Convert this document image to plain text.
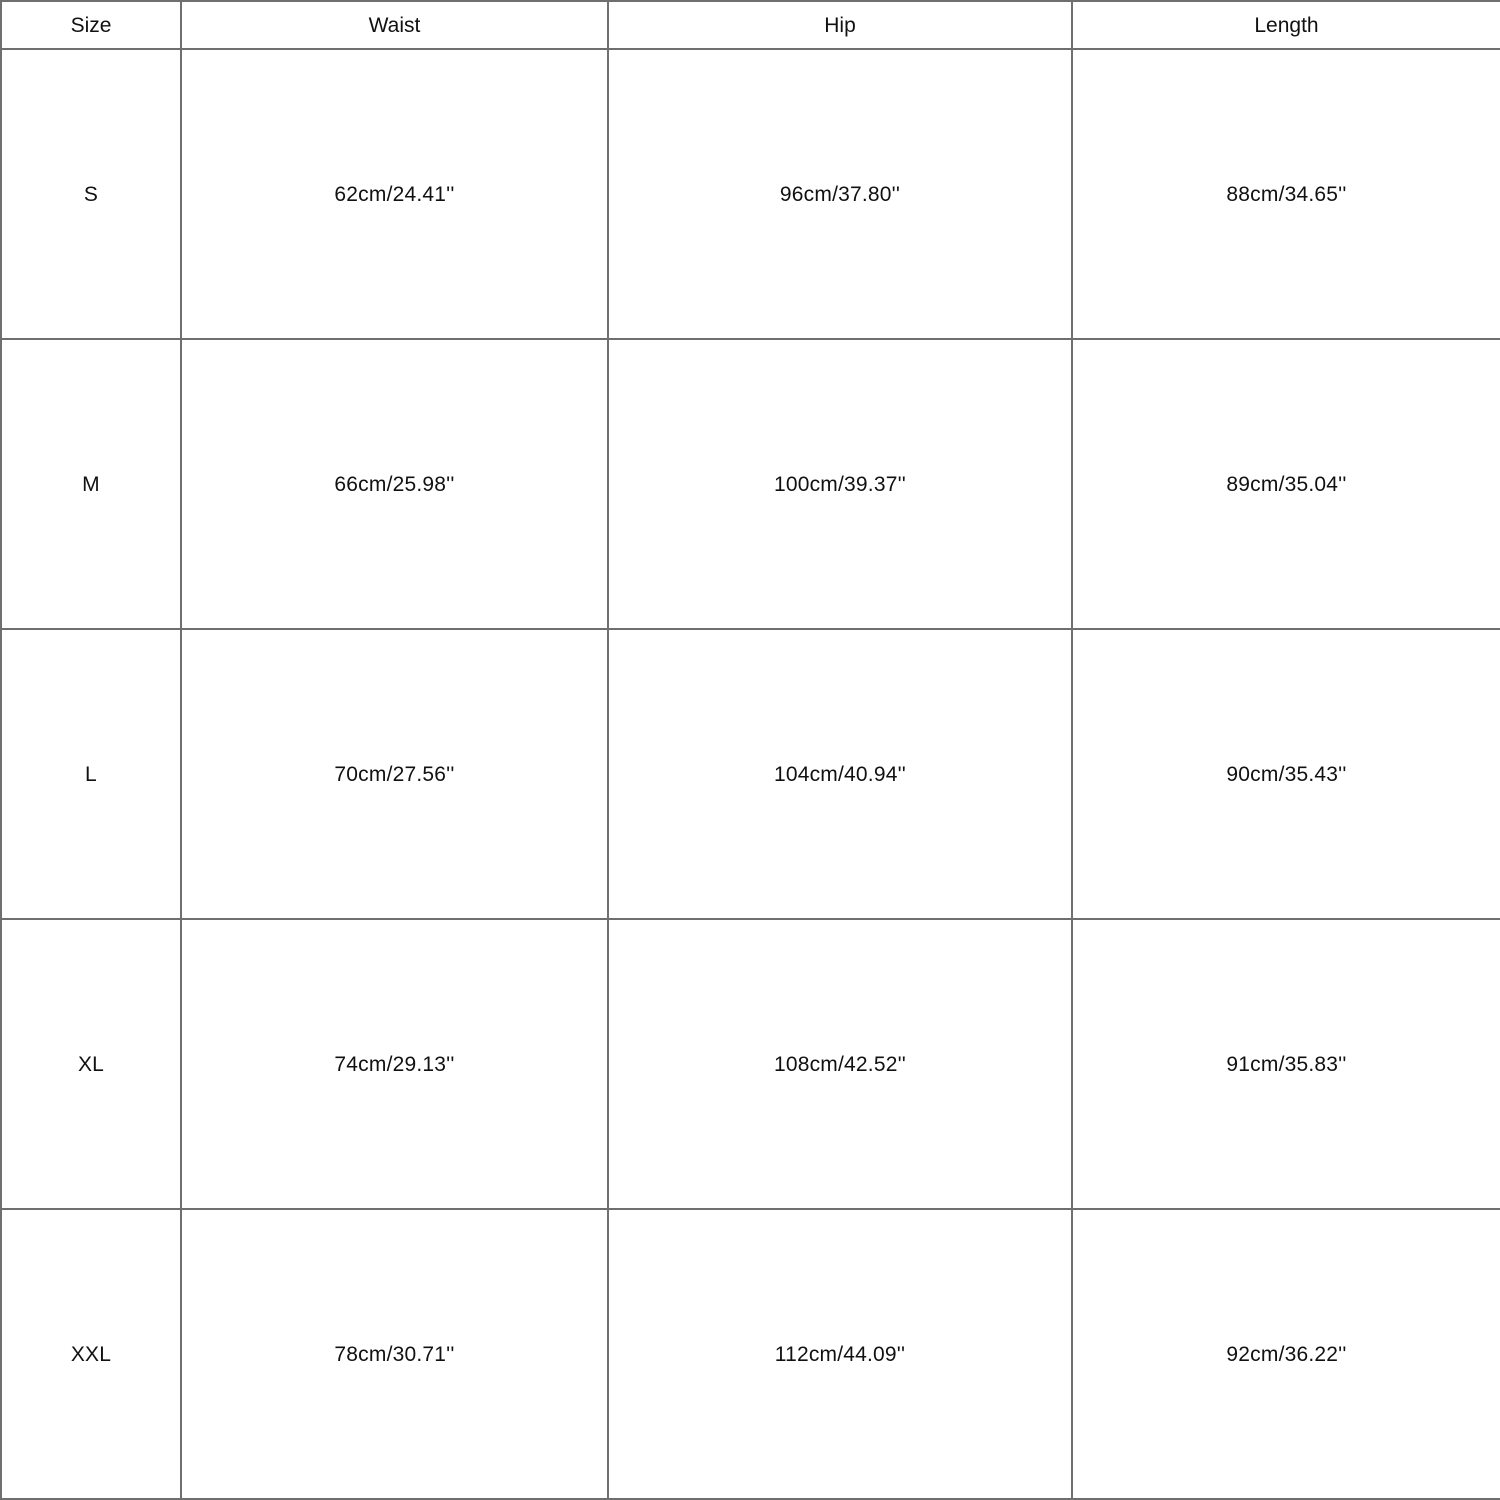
Size	Waist	Hip	Length
S	62cm/24.41''	96cm/37.80''	88cm/34.65''
M	66cm/25.98''	100cm/39.37''	89cm/35.04''
L	70cm/27.56''	104cm/40.94''	90cm/35.43''
XL	74cm/29.13''	108cm/42.52''	91cm/35.83''
XXL	78cm/30.71''	112cm/44.09''	92cm/36.22''
